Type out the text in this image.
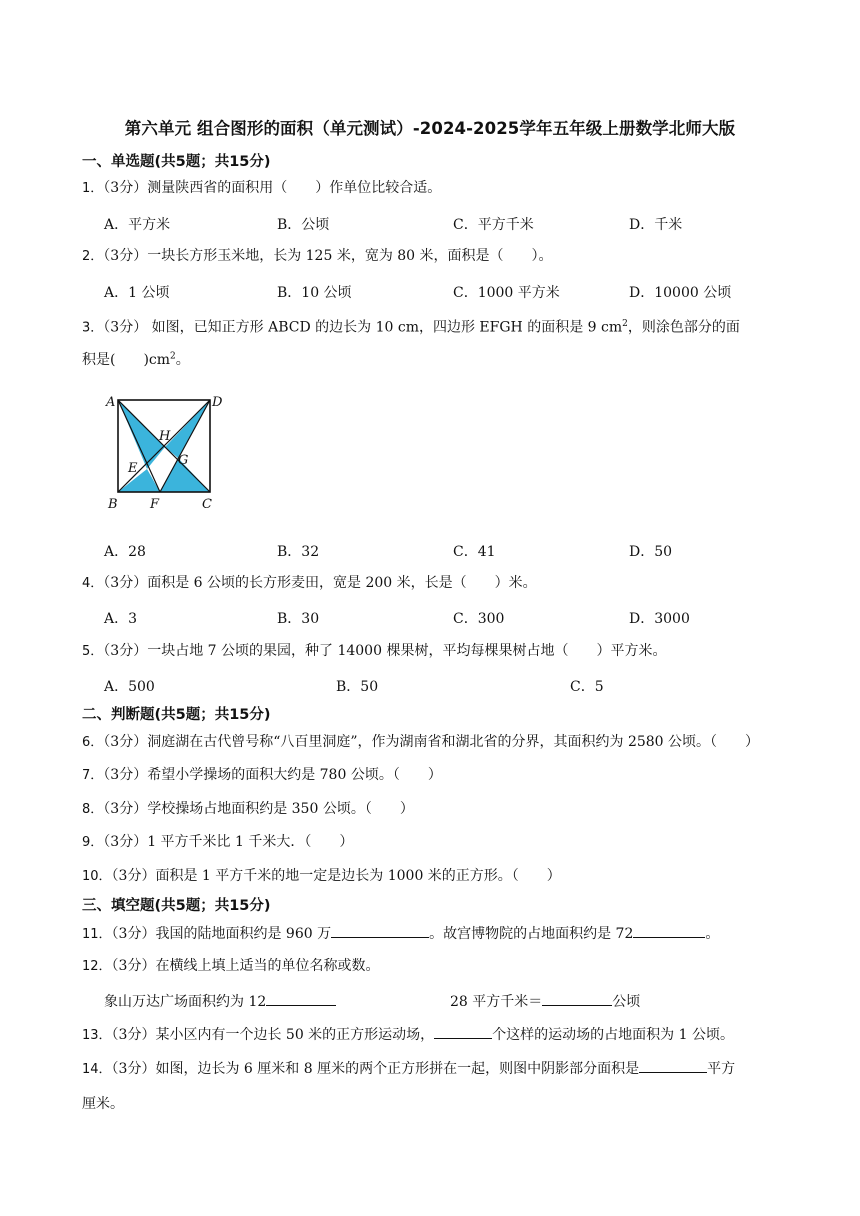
第六单元 组合图形的面积（单元测试）-2024-2025学年五年级上册数学北师大版
一、单选题(共5题；共15分)
1．（3分）测量陕西省的面积用（　　）作单位比较合适。
A．平方米	B．公顷	C．平方千米	D．千米
2．（3分）一块长方形玉米地，长为 125 米，宽为 80 米，面积是（　　）。
A．1 公顷	B．10 公顷	C．1000 平方米	D．10000 公顷
3．（3分） 如图，已知正方形 ABCD 的边长为 10 cm，四边形 EFGH 的面积是 9 $cm^2$，则涂色部分的面
积是(　　)$cm^2$。
A	D
H
E
G
B F	C
A．28	B．32	C．41	D．50
4．（3分）面积是 6 公顷的长方形麦田，宽是 200 米，长是（　　）米。
A．3	B．30	C．300	D．3000
5．（3分）一块占地 7 公顷的果园，种了 14000 棵果树，平均每棵果树占地（　　）平方米。
A．500	B．50	C．5
二、判断题(共5题；共15分)
6．（3分）洞庭湖在古代曾号称“八百里洞庭”，作为湖南省和湖北省的分界，其面积约为 2580 公顷。（　　）
7．（3分）希望小学操场的面积大约是 780 公顷。（　　）
8．（3分）学校操场占地面积约是 350 公顷。（　　）
9．（3分）1 平方千米比 1 千米大．（　　）
10．（3分）面积是 1 平方千米的地一定是边长为 1000 米的正方形。（　　）
三、填空题(共5题；共15分)
11．（3分）我国的陆地面积约是 960 万	。故宫博物院的占地面积约是 72	。
12．（3分）在横线上填上适当的单位名称或数。
象山万达广场面积约为 12	28 平方千米＝	公顷
13．（3分）某小区内有一个边长 50 米的正方形运动场，	个这样的运动场的占地面积为 1 公顷。
14．（3分）如图，边长为 6 厘米和 8 厘米的两个正方形拼在一起，则图中阴影部分面积是	平方
厘米。
